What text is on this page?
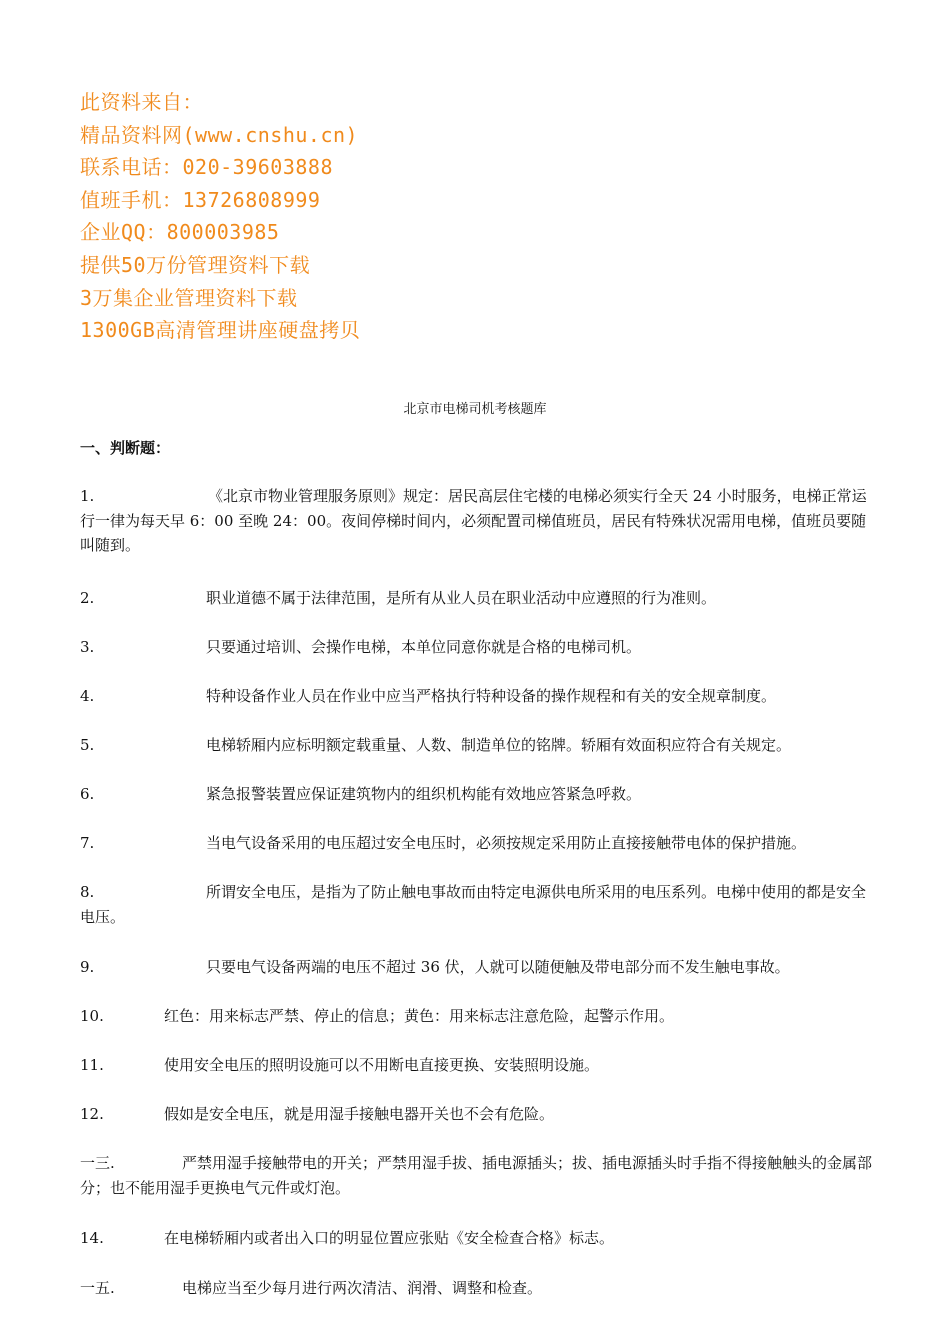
此资料来自：
精品资料网(www.cnshu.cn)
联系电话：020-39603888
值班手机：13726808999
企业QQ：800003985
提供50万份管理资料下载
3万集企业管理资料下载
1300GB高清管理讲座硬盘拷贝
北京市电梯司机考核题库
一、判断题：
1.	《北京市物业管理服务原则》规定：居民高层住宅楼的电梯必须实行全天 24 小时服务，电梯正常运行一律为每天早 6：00 至晚 24：00。夜间停梯时间内，必须配置司梯值班员，居民有特殊状况需用电梯，值班员要随叫随到。
2.	职业道德不属于法律范围，是所有从业人员在职业活动中应遵照的行为准则。
3.	只要通过培训、会操作电梯，本单位同意你就是合格的电梯司机。
4.	特种设备作业人员在作业中应当严格执行特种设备的操作规程和有关的安全规章制度。
5.	电梯轿厢内应标明额定载重量、人数、制造单位的铭牌。轿厢有效面积应符合有关规定。
6.	紧急报警装置应保证建筑物内的组织机构能有效地应答紧急呼救。
7.	当电气设备采用的电压超过安全电压时，必须按规定采用防止直接接触带电体的保护措施。
8.	所谓安全电压，是指为了防止触电事故而由特定电源供电所采用的电压系列。电梯中使用的都是安全电压。
9.	只要电气设备两端的电压不超过 36 伏，人就可以随便触及带电部分而不发生触电事故。
10.	红色：用来标志严禁、停止的信息；黄色：用来标志注意危险，起警示作用。
11.	使用安全电压的照明设施可以不用断电直接更换、安装照明设施。
12.	假如是安全电压，就是用湿手接触电器开关也不会有危险。
一三.	严禁用湿手接触带电的开关；严禁用湿手拔、插电源插头；拔、插电源插头时手指不得接触触头的金属部分；也不能用湿手更换电气元件或灯泡。
14.	在电梯轿厢内或者出入口的明显位置应张贴《安全检查合格》标志。
一五.	电梯应当至少每月进行两次清洁、润滑、调整和检查。
